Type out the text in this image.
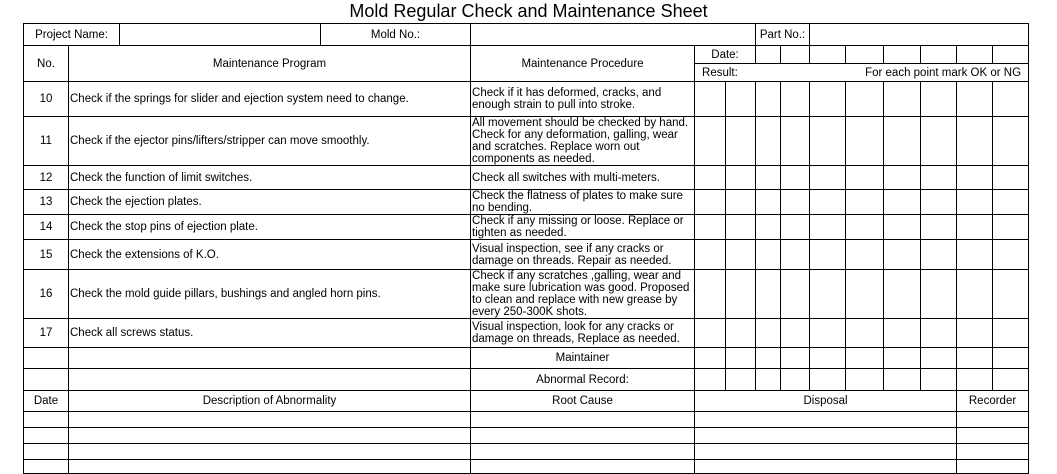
Mold Regular Check and Maintenance Sheet
Project Name:			Mold No.:				Part No.:							
No.	Maintenance Program			Maintenance Procedure	Date:									

					Result: For each point mark OK or NG									

10	Check if the springs for slider and ejection system need to change.			Check if it has deformed, cracks, and enough strain to pull into stroke.										
11	Check if the ejector pins/lifters/stripper can move smoothly.			All movement should be checked by hand. Check for any deformation, galling, wear and scratches. Replace worn out components as needed.										
12	Check the function of limit switches.			Check all switches with multi-meters.										
13	Check the ejection plates.			Check the flatness of plates to make sure no bending.										
14	Check the stop pins of ejection plate.			Check if any missing or loose. Replace or tighten as needed.										
15	Check the extensions of K.O.			Visual inspection, see if any cracks or damage on threads. Repair as needed.										
16	Check the mold guide pillars, bushings and angled horn pins.			Check if any scratches ,galling, wear and make sure lubrication was good. Proposed to clean and replace with new grease by every 250-300K shots.										
17	Check all screws status.			Visual inspection, look for any cracks or damage on threads, Replace as needed.										
				Maintainer										
				Abnormal Record:										
Date	Description of Abnormality			Root Cause	Disposal								Recorder	
